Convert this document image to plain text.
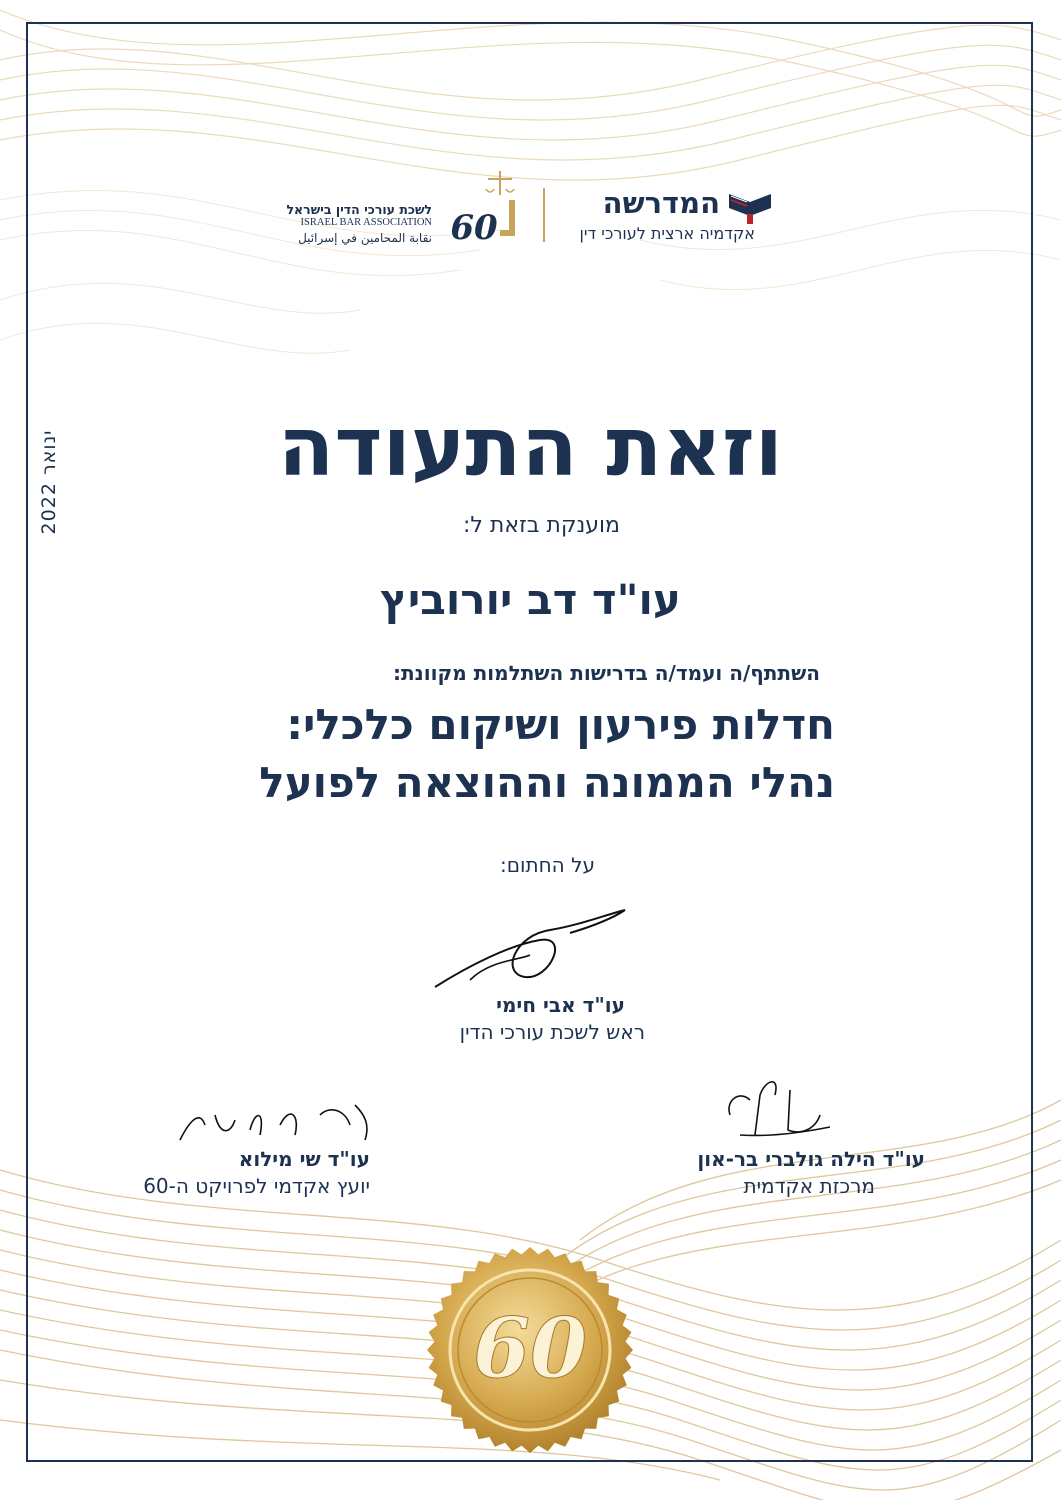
המדרשה
אקדמיה ארצית לעורכי דין
60
לשכת עורכי הדין בישראל
ISRAEL BAR ASSOCIATION
نقابة المحامين في إسرائيل
ינואר 2022	וזאת התעודה
מוענקת בזאת ל:
עו"ד דב יורוביץ
השתתף/ה ועמד/ה בדרישות השתלמות מקוונת:
חדלות פירעון ושיקום כלכלי:
נהלי הממונה וההוצאה לפועל
על החתום:
עו"ד אבי חימי
ראש לשכת עורכי הדין
עו"ד שי מילוא
יועץ אקדמי לפרויקט ה-60
עו"ד הילה גולברי בר-און
מרכזת אקדמית
60
